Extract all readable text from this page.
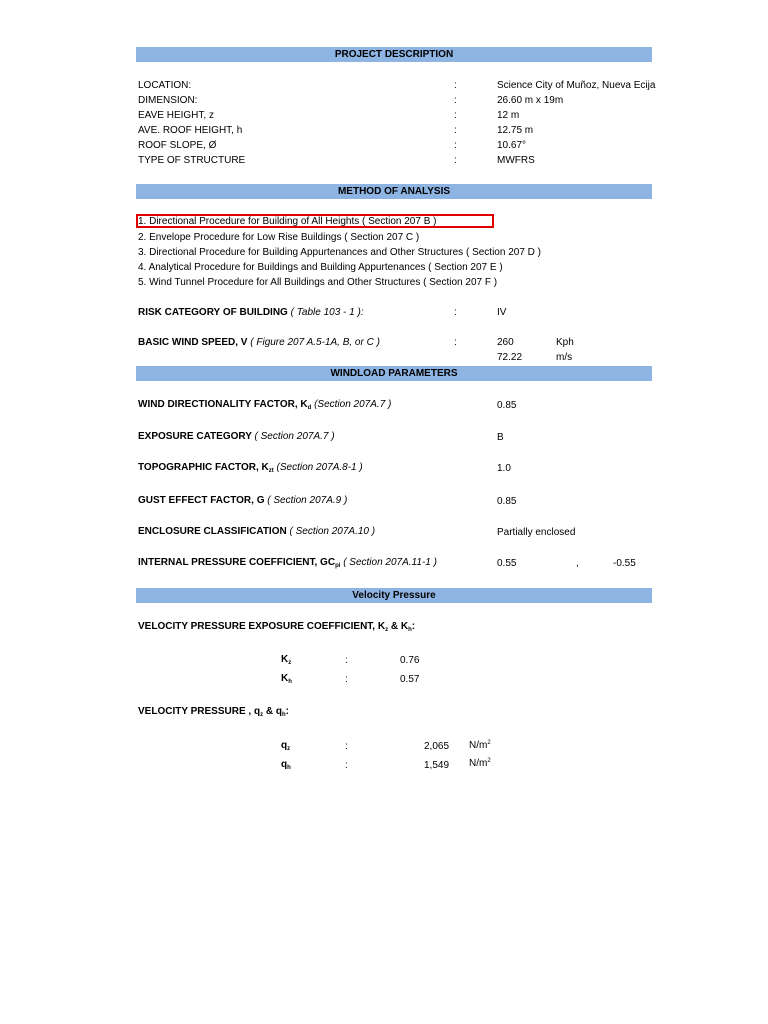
PROJECT DESCRIPTION
LOCATION:	:	Science City of Muñoz, Nueva Ecija
DIMENSION:	:	26.60 m x 19m
EAVE HEIGHT, z	:	12 m
AVE. ROOF HEIGHT, h	:	12.75 m
ROOF SLOPE, Ø	:	10.67°
TYPE OF STRUCTURE	:	MWFRS
METHOD OF ANALYSIS
1. Directional Procedure for Building of All Heights ( Section 207 B )
2. Envelope Procedure for Low Rise Buildings ( Section 207 C )
3. Directional Procedure for Building Appurtenances and Other Structures ( Section 207 D )
4. Analytical Procedure for Buildings and Building Appurtenances ( Section 207 E )
5. Wind Tunnel Procedure for All Buildings and Other Structures ( Section 207 F )
RISK CATEGORY OF BUILDING ( Table 103 - 1 ):	:	IV
BASIC WIND SPEED, V ( Figure 207 A.5-1A, B, or C )	:	260	Kph
72.22	m/s
WINDLOAD PARAMETERS
WIND DIRECTIONALITY FACTOR, $K_d$ (Section 207A.7 )	0.85
EXPOSURE CATEGORY ( Section 207A.7 )	B
TOPOGRAPHIC FACTOR, $K_{zt}$ (Section 207A.8-1 )	1.0
GUST EFFECT FACTOR, G ( Section 207A.9 )	0.85
ENCLOSURE CLASSIFICATION ( Section 207A.10 )	Partially enclosed
INTERNAL PRESSURE COEFFICIENT, $GC_{pi}$ ( Section 207A.11-1 )	0.55	,	-0.55
Velocity Pressure
VELOCITY PRESSURE EXPOSURE COEFFICIENT, $K_z$ & $K_h$:
$K_z$	:	0.76
$K_h$	:	0.57
VELOCITY PRESSURE , $q_z$ & $q_h$:
$q_z$	:	2,065 $N/m^2$
$q_h$	:	1,549 $N/m^2$
